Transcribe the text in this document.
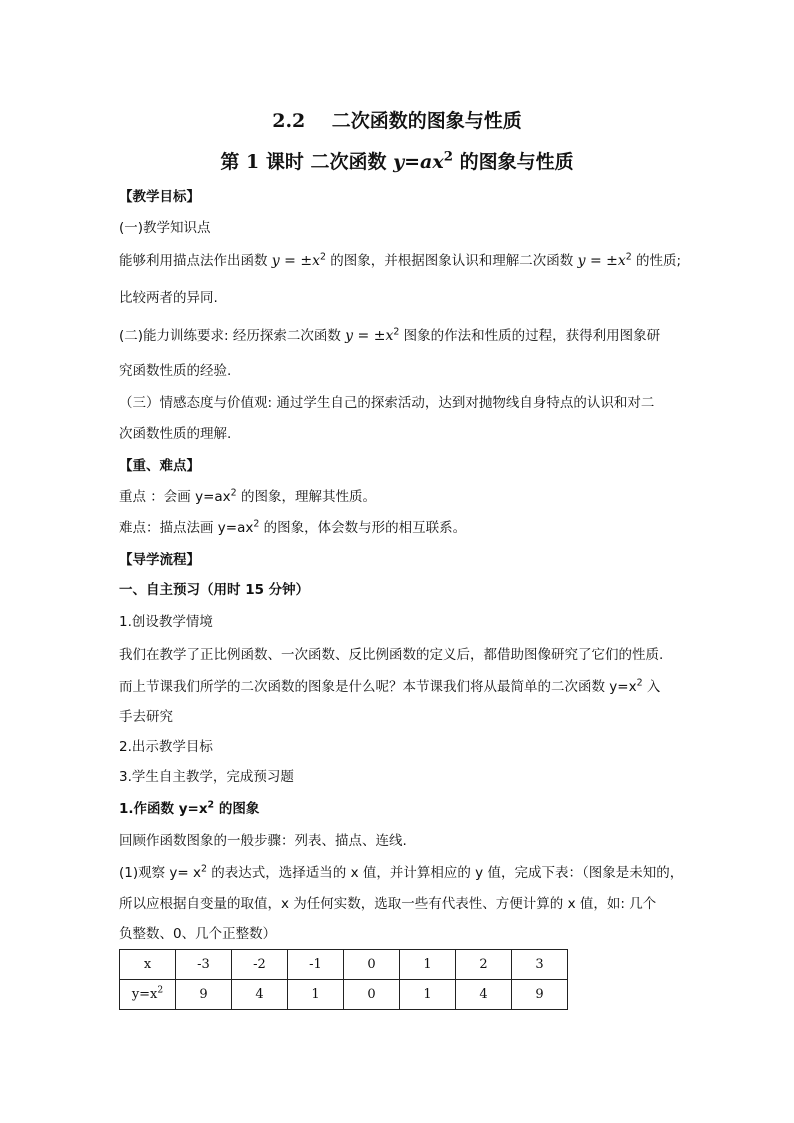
2.2 二次函数的图象与性质
第 1 课时 二次函数 $y=ax^2$ 的图象与性质
【教学目标】
(一)教学知识点
能够利用描点法作出函数 $y = \pm x^2$ 的图象，并根据图象认识和理解二次函数 $y = \pm x^2$ 的性质;
比较两者的异同.
(二)能力训练要求: 经历探索二次函数 $y = \pm x^2$ 图象的作法和性质的过程，获得利用图象研
究函数性质的经验.
（三）情感态度与价值观: 通过学生自己的探索活动，达到对抛物线自身特点的认识和对二
次函数性质的理解.
【重、难点】
重点 ：会画 $y=ax^2$ 的图象，理解其性质。
难点：描点法画 $y=ax^2$ 的图象，体会数与形的相互联系。
【导学流程】
一、自主预习（用时 15 分钟）
1.创设教学情境
我们在教学了正比例函数、一次函数、反比例函数的定义后，都借助图像研究了它们的性质.
而上节课我们所学的二次函数的图象是什么呢？本节课我们将从最简单的二次函数 $y=x^2$ 入
手去研究
2.出示教学目标
3.学生自主教学，完成预习题
1.作函数 $y=x^2$ 的图象
回顾作函数图象的一般步骤：列表、描点、连线.
(1)观察 $y= x^2$ 的表达式，选择适当的 x 值，并计算相应的 y 值，完成下表：（图象是未知的，
所以应根据自变量的取值，x 为任何实数，选取一些有代表性、方便计算的 x 值，如: 几个
负整数、0、几个正整数）
x	-3	-2	-1	0	1	2	3
$y=x^2$	9	4	1	0	1	4	9
